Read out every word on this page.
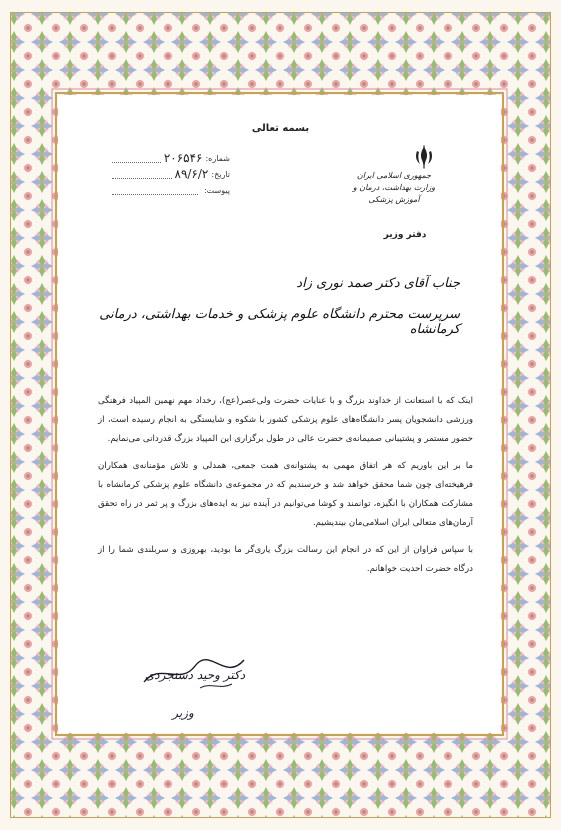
بسمه تعالی
شماره:
۲۰۶۵۴۶
تاریخ:
۸۹/۶/۲
پیوست:
جمهوری اسلامی ایران
وزارت بهداشت، درمان و آموزش پزشکی
دفتر وزیر
جناب آقای دکتر صمد نوری زاد
سرپرست محترم دانشگاه علوم پزشکی و خدمات بهداشتی، درمانی کرمانشاه

اینک که با استعانت از خداوند بزرگ و با عنایات حضرت ولی‌عصر(عج)، رخداد مهم نهمین المپیاد فرهنگی ورزشی دانشجویان پسر دانشگاه‌های علوم پزشکی کشور با شکوه و شایستگی به انجام رسیده است، از حضور مستمر و پشتیبانی صمیمانه‌ی حضرت عالی در طول برگزاری این المپیاد بزرگ قدردانی می‌نمایم.

ما بر این باوریم که هر اتفاق مهمی به پشتوانه‌ی همت جمعی، همدلی و تلاش مؤمنانه‌ی همکاران فرهیخته‌ای چون شما محقق خواهد شد و خرسندیم که در مجموعه‌ی دانشگاه علوم پزشکی کرمانشاه با مشارکت همکاران با انگیزه، توانمند و کوشا می‌توانیم در آینده نیز به ایده‌های بزرگ و پر ثمر در راه تحقق آرمان‌های متعالی ایران اسلامی‌مان بیندیشیم.

با سپاس فراوان از این که در انجام این رسالت بزرگ یاری‌گر ما بودید، بهروزی و سربلندی شما را از درگاه حضرت احدیت خواهانم.

دکتر وحید دستجردی
وزیر
